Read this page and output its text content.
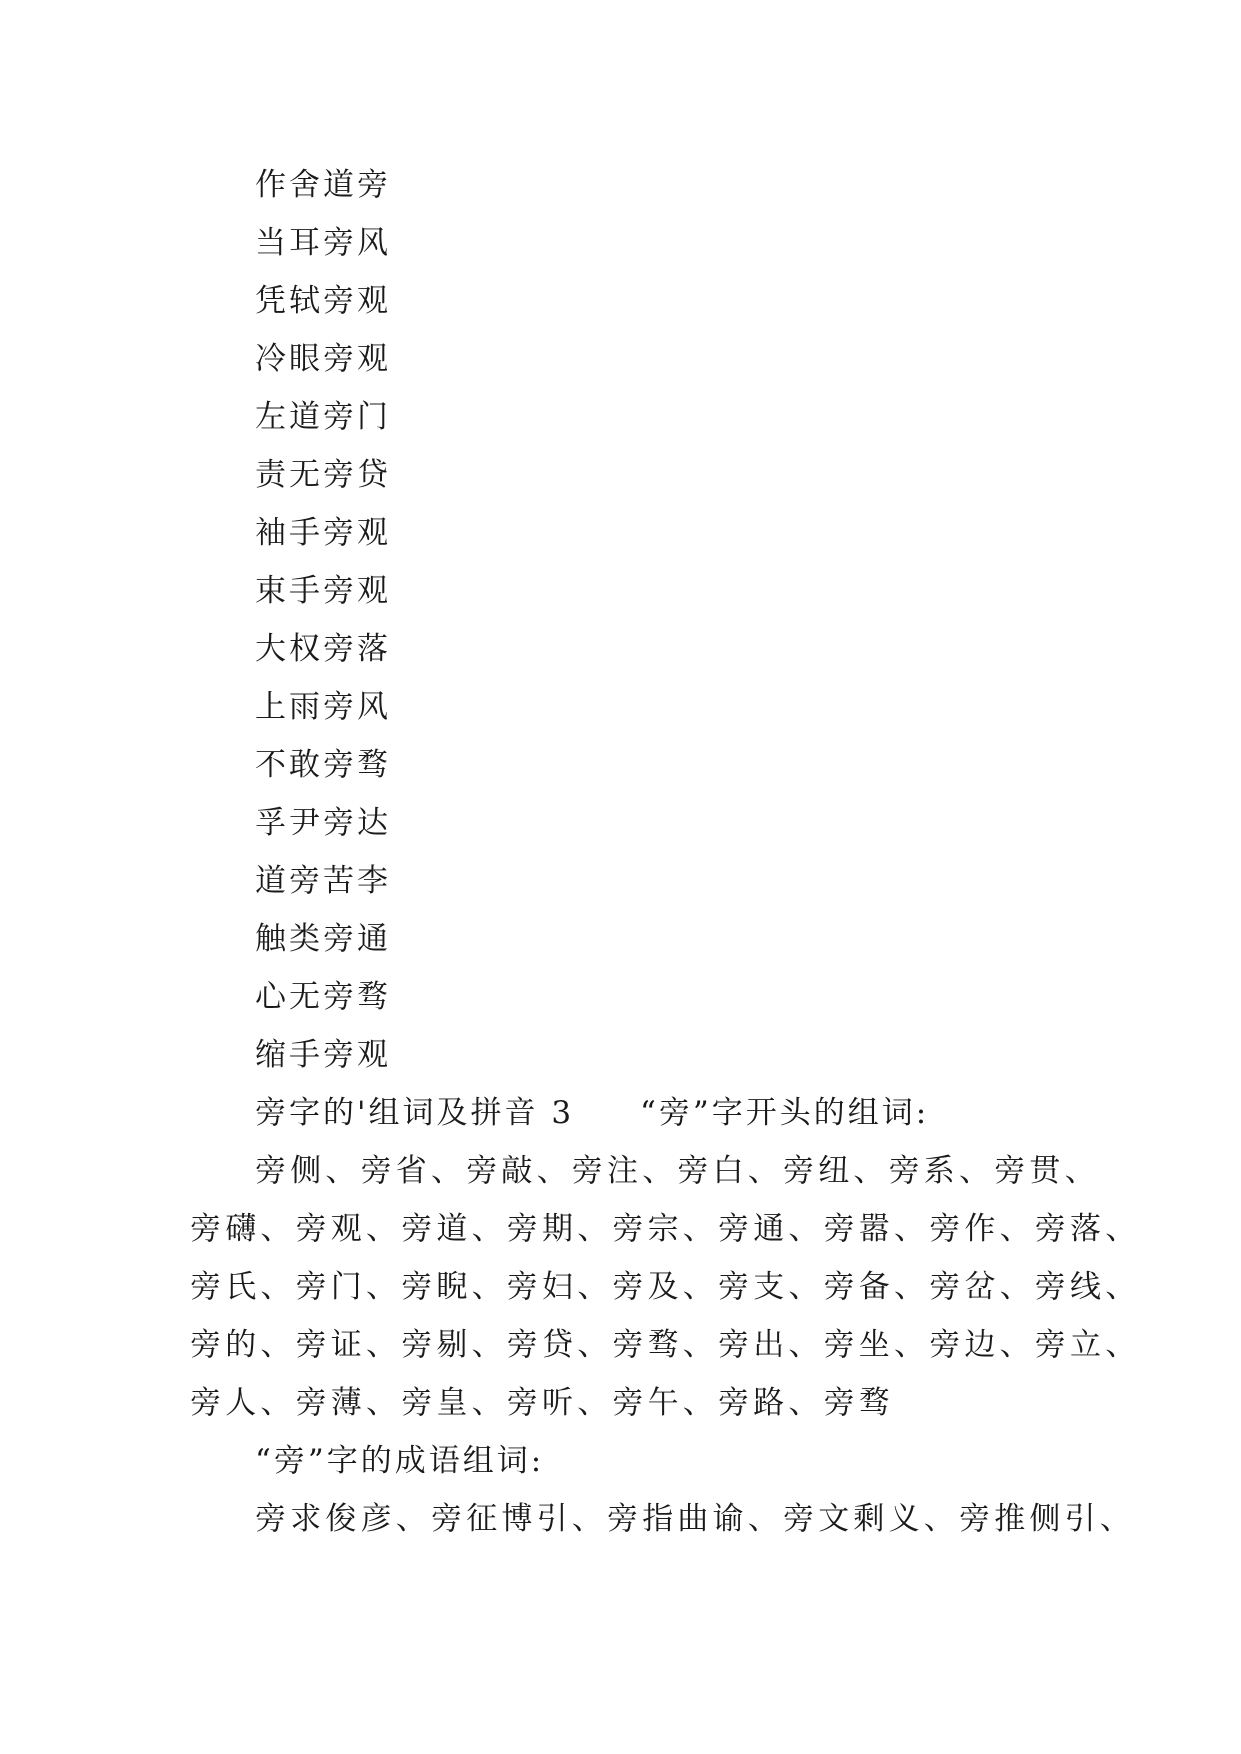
作舍道旁
当耳旁风
凭轼旁观
冷眼旁观
左道旁门
责无旁贷
袖手旁观
束手旁观
大权旁落
上雨旁风
不敢旁骛
孚尹旁达
道旁苦李
触类旁通
心无旁骛
缩手旁观
旁字的'组词及拼音 3 “旁”字开头的组词:
旁侧、旁省、旁敲、旁注、旁白、旁纽、旁系、旁贯、
旁礴、旁观、旁道、旁期、旁宗、旁通、旁嚣、旁作、旁落、
旁氏、旁门、旁睨、旁妇、旁及、旁支、旁备、旁岔、旁线、
旁的、旁证、旁剔、旁贷、旁骛、旁出、旁坐、旁边、旁立、
旁人、旁薄、旁皇、旁听、旁午、旁路、旁骛
“旁”字的成语组词:
旁求俊彦、旁征博引、旁指曲谕、旁文剩义、旁推侧引、
